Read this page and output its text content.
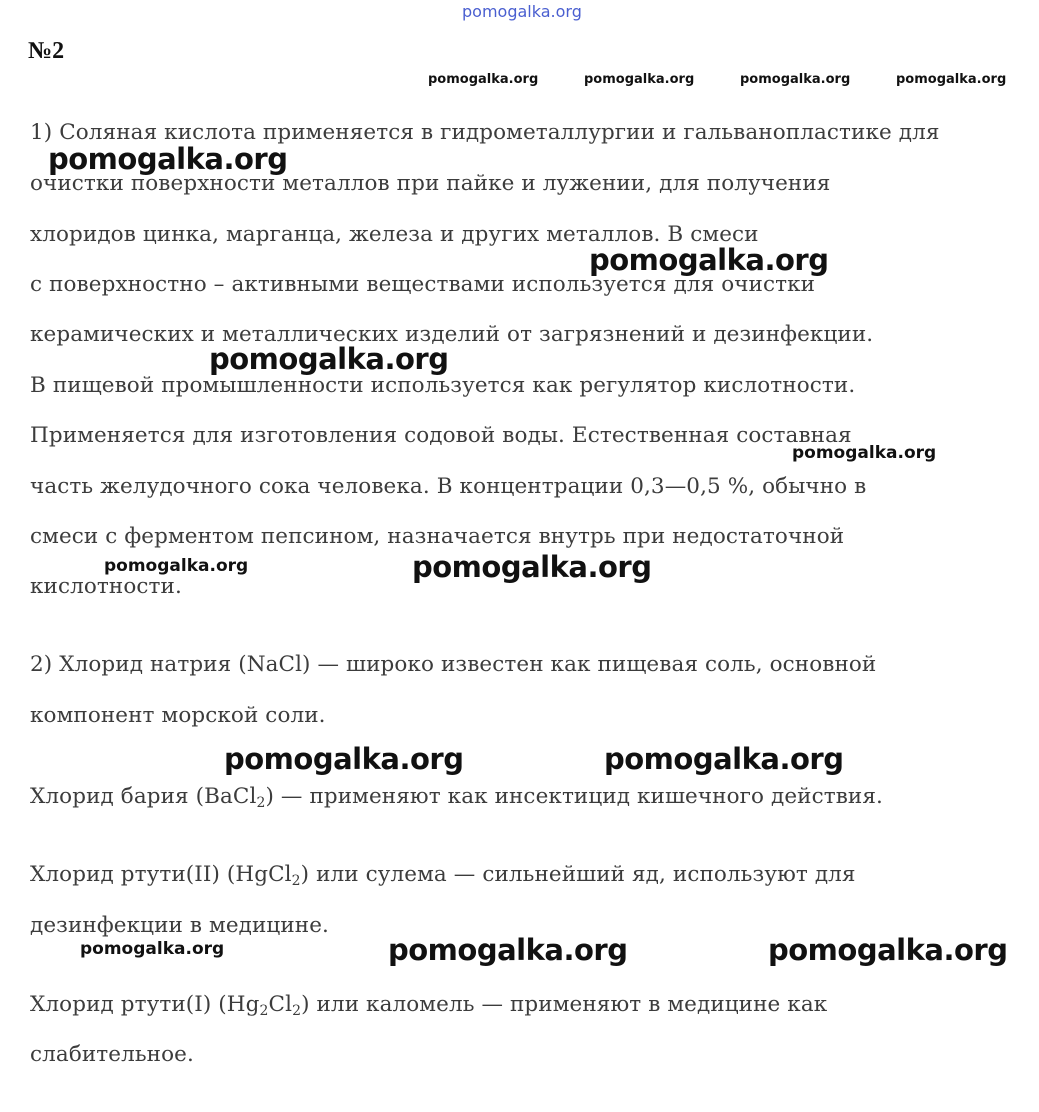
pomogalka.org
№2
pomogalka.org	pomogalka.org	pomogalka.org	pomogalka.org
1) Соляная кислота применяется в гидрометаллургии и гальванопластике для
очистки поверхности металлов при пайке и лужении, для получения
хлоридов цинка, марганца, железа и других металлов. В смеси
с поверхностно – активными веществами используется для очистки
керамических и металлических изделий от загрязнений и дезинфекции.
В пищевой промышленности используется как регулятор кислотности.
Применяется для изготовления содовой воды. Естественная составная
часть желудочного сока человека. В концентрации 0,3—0,5 %, обычно в
смеси с ферментом пепсином, назначается внутрь при недостаточной
кислотности.
2) Хлорид натрия (NaCl) — широко известен как пищевая соль, основной
компонент морской соли.
Хлорид бария (BaCl$_2$) — применяют как инсектицид кишечного действия.
Хлорид ртути(II) (HgCl$_2$) или сулема — сильнейший яд, используют для
дезинфекции в медицине.
Хлорид ртути(I) $(Hg_2Cl_2)$ или каломель — применяют в медицине как
слабительное.
pomogalka.org
pomogalka.org
pomogalka.org
pomogalka.org
pomogalka.org	pomogalka.org
pomogalka.org	pomogalka.org
pomogalka.org	pomogalka.org	pomogalka.org
